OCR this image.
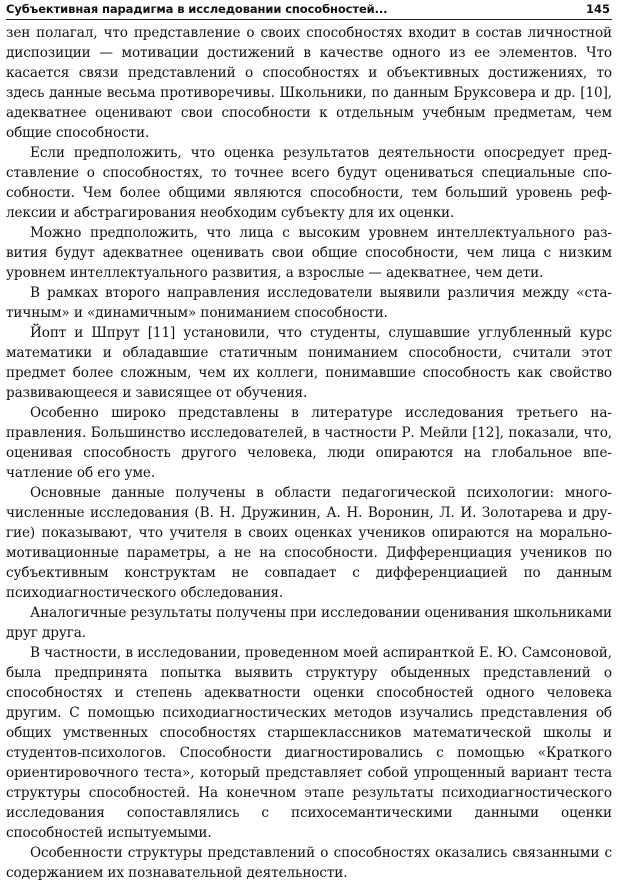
Субъективная парадигма в исследовании способностей...	145

зен полагал, что представление о своих способностях входит в состав личностной диспозиции — мотивации достижений в качестве одного из ее элементов. Что касается связи представлений о способностях и объективных достижениях, то здесь данные весьма противоречивы. Школьники, по данным Брукcовера и др. [10], адекватнее оценивают свои способности к отдельным учебным предметам, чем общие способности.

Если предположить, что оценка результатов деятельности опосредует представление о способностях, то точнее всего будут оцениваться специальные способности. Чем более общими являются способности, тем больший уровень рефлексии и абстрагирования необходим субъекту для их оценки.

Можно предположить, что лица с высоким уровнем интеллектуального развития будут адекватнее оценивать свои общие способности, чем лица с низким уровнем интеллектуального развития, а взрослые — адекватнее, чем дети.

В рамках второго направления исследователи выявили различия между «статичным» и «динамичным» пониманием способности.

Йопт и Шпрут [11] установили, что студенты, слушавшие углубленный курс математики и обладавшие статичным пониманием способности, считали этот предмет более сложным, чем их коллеги, понимавшие способность как свойство развивающееся и зависящее от обучения.

Особенно широко представлены в литературе исследования третьего направления. Большинство исследователей, в частности Р. Мейли [12], показали, что, оценивая способность другого человека, люди опираются на глобальное впечатление об его уме.

Основные данные получены в области педагогической психологии: многочисленные исследования (В. Н. Дружинин, А. Н. Воронин, Л. И. Золотарева и другие) показывают, что учителя в своих оценках учеников опираются на морально-мотивационные параметры, а не на способности. Дифференциация учеников по субъективным конструктам не совпадает с дифференциацией по данным психодиагностического обследования.

Аналогичные результаты получены при исследовании оценивания школьниками друг друга.

В частности, в исследовании, проведенном моей аспиранткой Е. Ю. Самсоновой, была предпринята попытка выявить структуру обыденных представлений о способностях и степень адекватности оценки способностей одного человека другим. С помощью психодиагностических методов изучались представления об общих умственных способностях старшеклассников математической школы и студентов-психологов. Способности диагностировались с помощью «Краткого ориентировочного теста», который представляет собой упрощенный вариант теста структуры способностей. На конечном этапе результаты психодиагностического исследования сопоставлялись с психосемантическими данными оценки способностей испытуемыми.

Особенности структуры представлений о способностях оказались связанными с содержанием их познавательной деятельности.
